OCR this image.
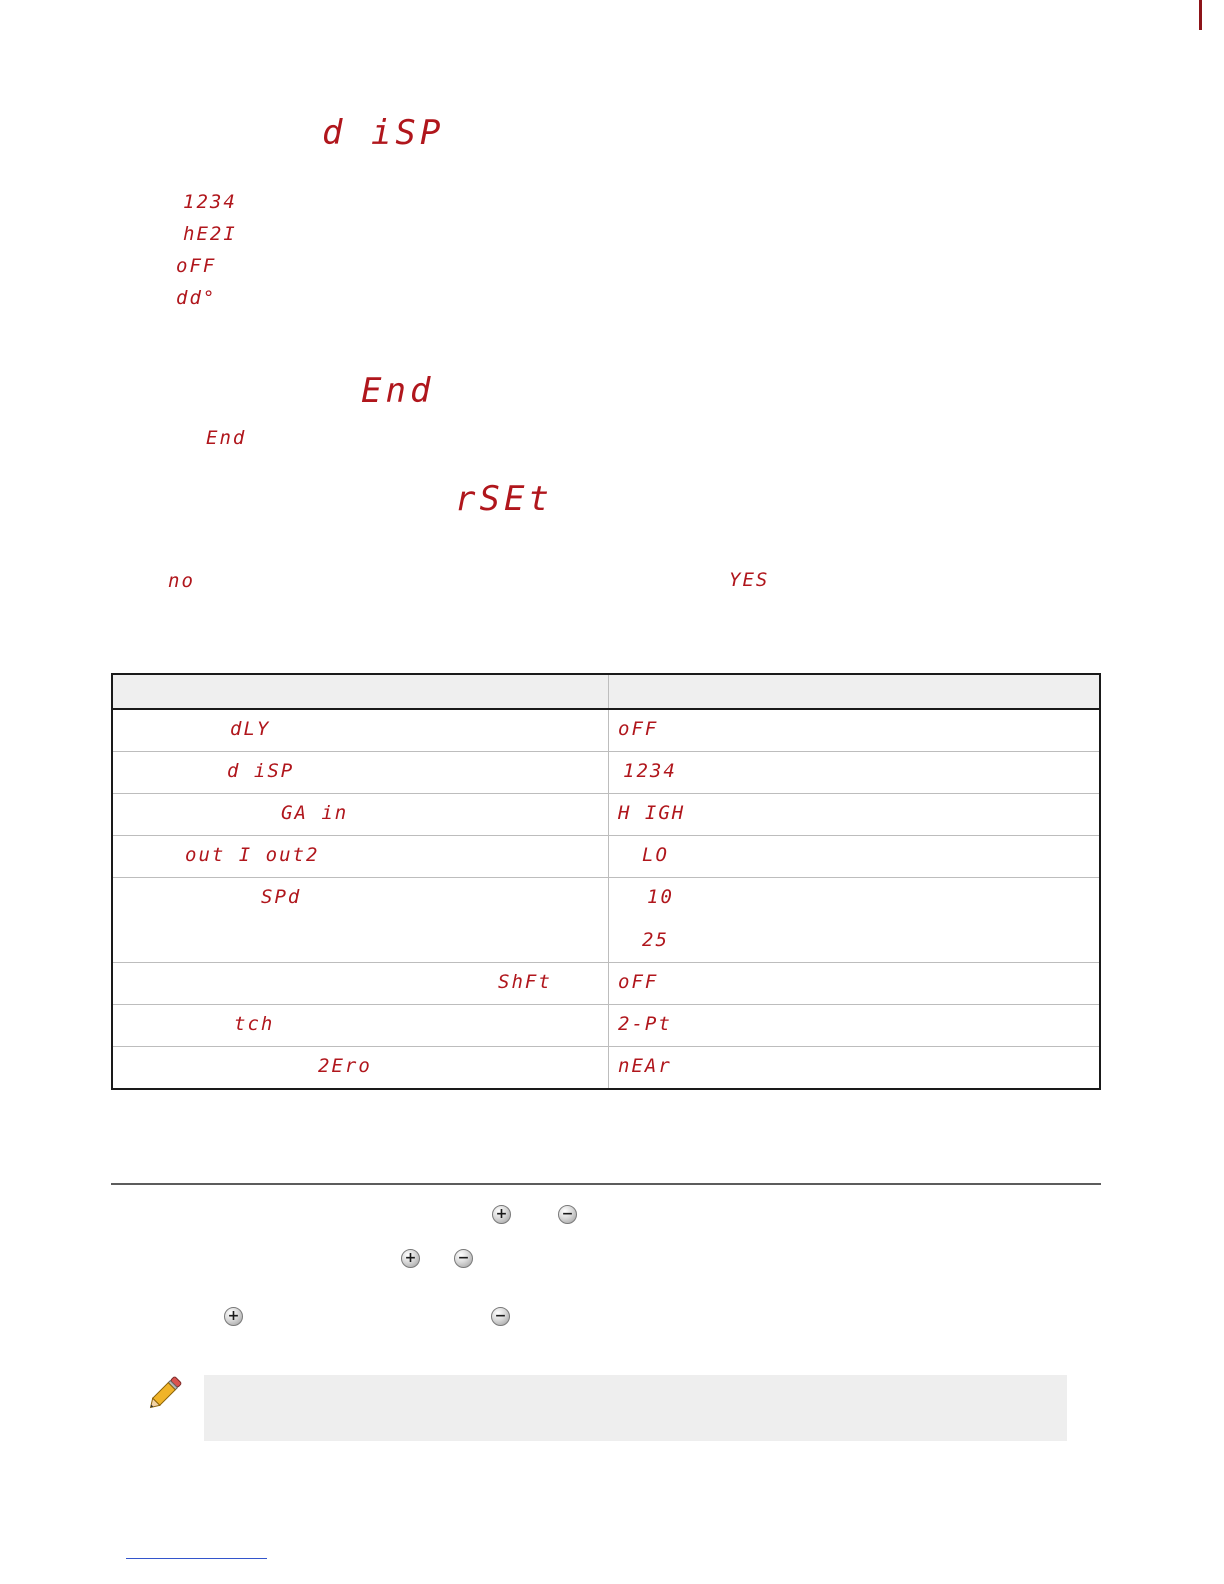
d iSP
1234
hE2I
oFF
dd°
End
End
rSEt
no	YES

dLY	oFF

d iSP	1234

GA in	H IGH

out I out2	LO

SPd	10
25

ShFt	oFF

tch	2-Pt

2Ero	nEAr
+	−
+	−
+	−
